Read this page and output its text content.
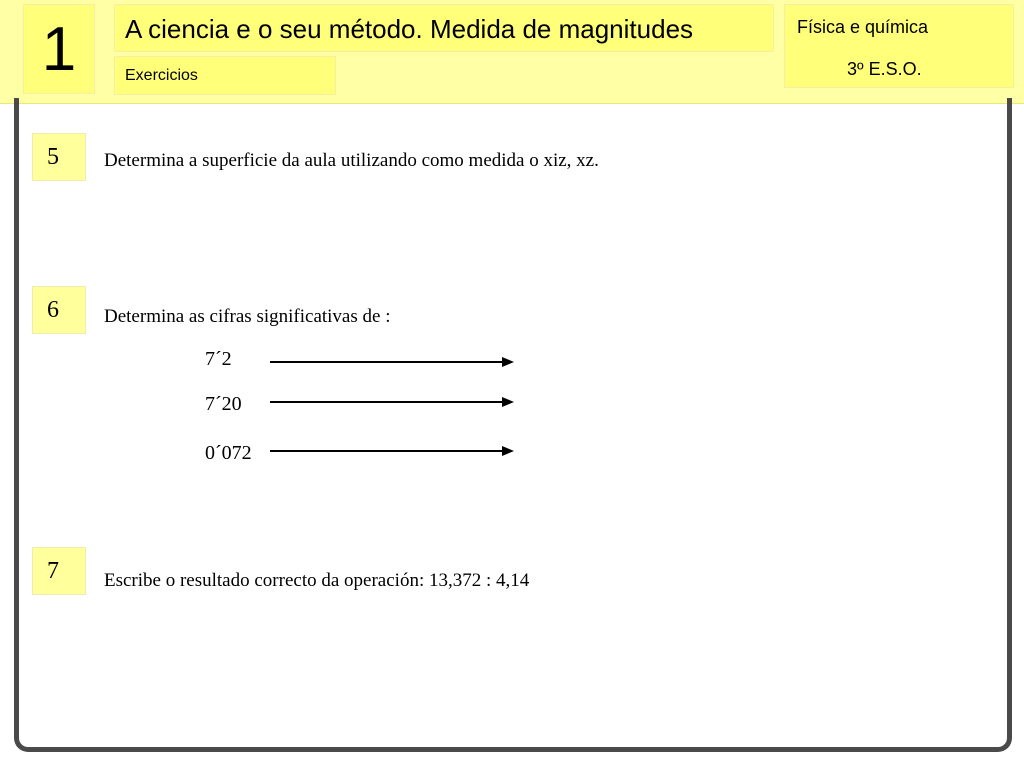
1	A ciencia e o seu método. Medida de magnitudes
Exercicios
Física e química
3º E.S.O.
5	Determina a superficie da aula utilizando como medida o xiz, xz.
6	Determina as cifras significativas de :
7´2
7´20
0´072
7	Escribe o resultado correcto da operación: 13,372 : 4,14
